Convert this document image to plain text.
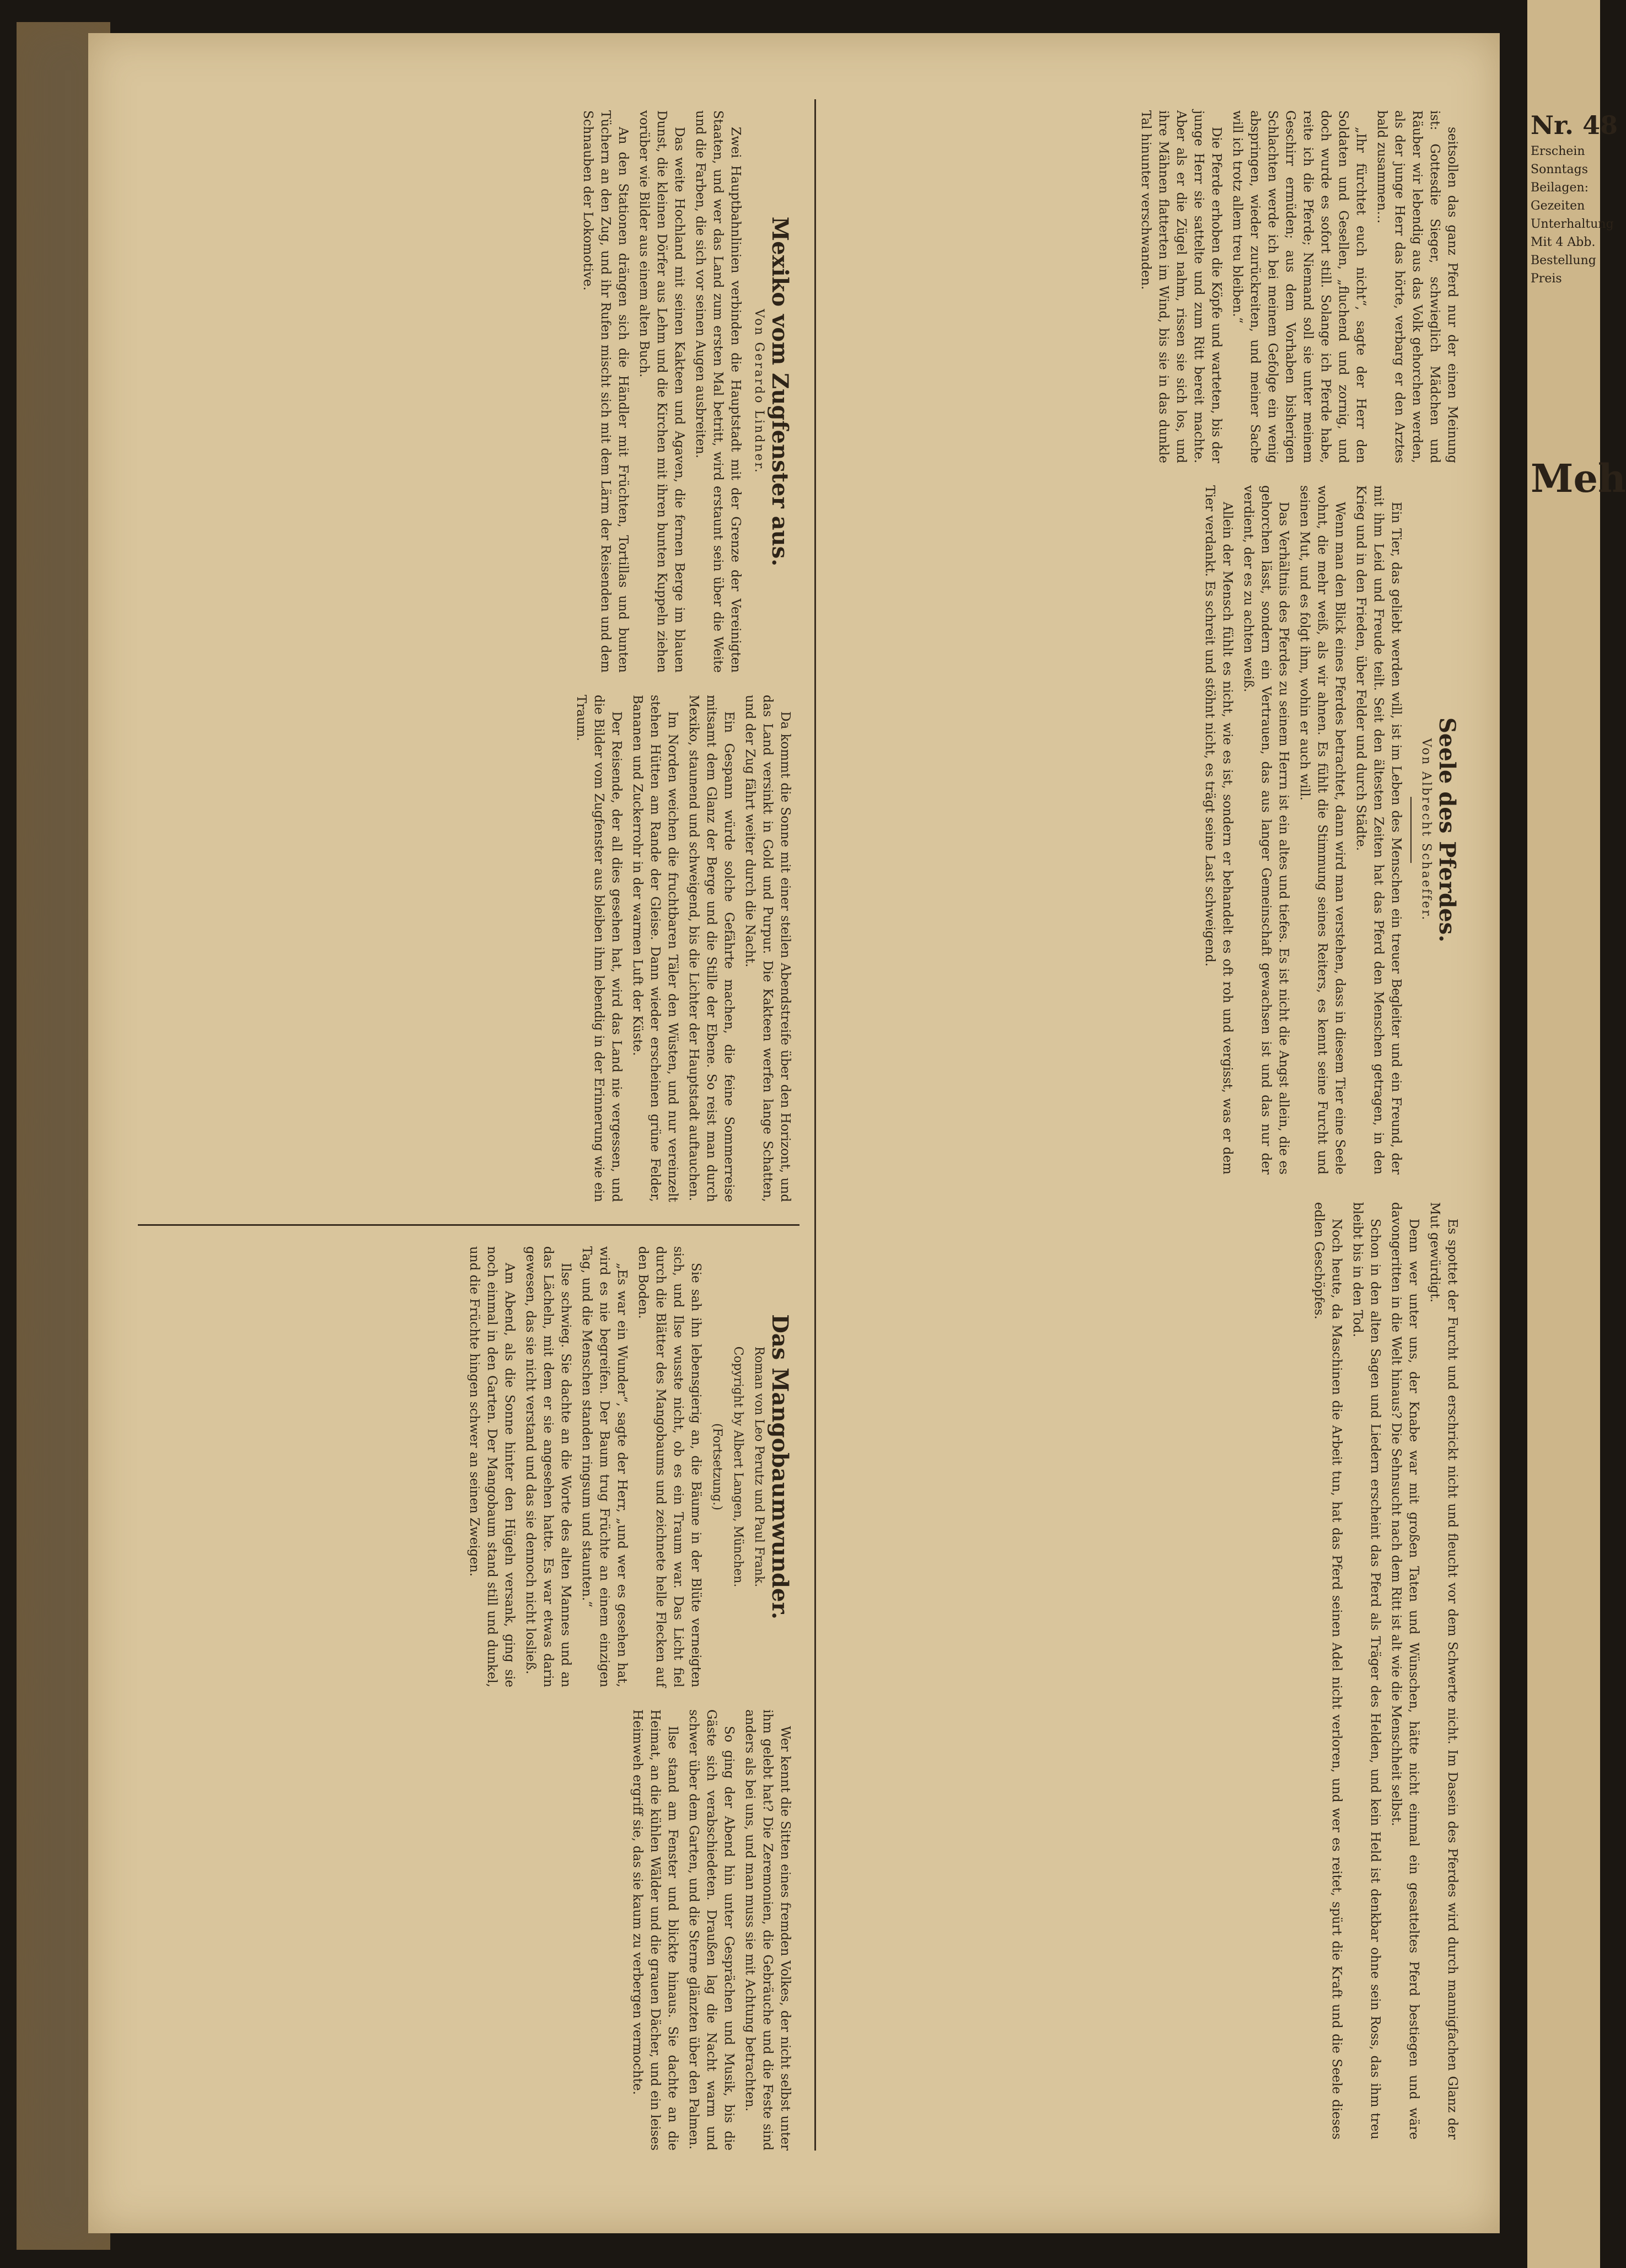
Nr. 48
Erschein
Sonntags
Beilagen:
Gezeiten
Unterhaltung
Mit 4 Abb.
Bestellung
Preis
Meh

seitsollen das ganz Pferd nur der einen Meinung ist: Gottesdie Sieger, schwieglich Mädchen und Räuber wir lebendig aus das Volk gehorchen werden, als der junge Herr das hörte, verbarg er den Arztes bald zusammen…

„Ihr fürchtet euch nicht“, sagte der Herr den Soldaten und Gesellen, „fluchend und zornig, und doch wurde es sofort still. Solange ich Pferde habe, reite ich die Pferde; Niemand soll sie unter meinem Geschirr ermüden; aus dem Vorhaben bisherigen Schlachten werde ich bei meinem Gefolge ein wenig abspringen, wieder zurückreiten, und meiner Sache will ich trotz allem treu bleiben.“

Die Pferde erhoben die Köpfe und warteten, bis der junge Herr sie sattelte und zum Ritt bereit machte. Aber als er die Zügel nahm, rissen sie sich los, und ihre Mähnen flatterten im Wind, bis sie in das dunkle Tal hinunter verschwanden.

Seele des Pferdes.
Von Albrecht Schaeffer.

Ein Tier, das geliebt werden will, ist im Leben des Menschen ein treuer Begleiter und ein Freund, der mit ihm Leid und Freude teilt. Seit den ältesten Zeiten hat das Pferd den Menschen getragen, in den Krieg und in den Frieden, über Felder und durch Städte.

Wenn man den Blick eines Pferdes betrachtet, dann wird man verstehen, dass in diesem Tier eine Seele wohnt, die mehr weiß, als wir ahnen. Es fühlt die Stimmung seines Reiters, es kennt seine Furcht und seinen Mut, und es folgt ihm, wohin er auch will.

Das Verhältnis des Pferdes zu seinem Herrn ist ein altes und tiefes. Es ist nicht die Angst allein, die es gehorchen lässt, sondern ein Vertrauen, das aus langer Gemeinschaft gewachsen ist und das nur der verdient, der es zu achten weiß.

Allein der Mensch fühlt es nicht, wie es ist, sondern er behandelt es oft roh und vergisst, was er dem Tier verdankt. Es schreit und stöhnt nicht, es trägt seine Last schweigend.

Es spottet der Furcht und erschrickt nicht und fleucht vor dem Schwerte nicht. Im Dasein des Pferdes wird durch mannigfachen Glanz der Mut gewürdigt.

Denn wer unter uns, der Knabe war mit großen Taten und Wünschen, hätte nicht einmal ein gesatteltes Pferd bestiegen und wäre davongeritten in die Welt hinaus? Die Sehnsucht nach dem Ritt ist alt wie die Menschheit selbst.

Schon in den alten Sagen und Liedern erscheint das Pferd als Träger des Helden, und kein Held ist denkbar ohne sein Ross, das ihm treu bleibt bis in den Tod.

Noch heute, da Maschinen die Arbeit tun, hat das Pferd seinen Adel nicht verloren, und wer es reitet, spürt die Kraft und die Seele dieses edlen Geschöpfes.

Mexiko vom Zugfenster aus.
Von Gerardo Lindner.

Zwei Hauptbahnlinien verbinden die Hauptstadt mit der Grenze der Vereinigten Staaten, und wer das Land zum ersten Mal betritt, wird erstaunt sein über die Weite und die Farben, die sich vor seinen Augen ausbreiten.

Das weite Hochland mit seinen Kakteen und Agaven, die fernen Berge im blauen Dunst, die kleinen Dörfer aus Lehm und die Kirchen mit ihren bunten Kuppeln ziehen vorüber wie Bilder aus einem alten Buch.

An den Stationen drängen sich die Händler mit Früchten, Tortillas und bunten Tüchern an den Zug, und ihr Rufen mischt sich mit dem Lärm der Reisenden und dem Schnauben der Lokomotive.

Da kommt die Sonne mit einer steilen Abendstreife über den Horizont, und das Land versinkt in Gold und Purpur. Die Kakteen werfen lange Schatten, und der Zug fährt weiter durch die Nacht.

Ein Gespann würde solche Gefährte machen, die feine Sommerreise mitsamt dem Glanz der Berge und die Stille der Ebene. So reist man durch Mexiko, staunend und schweigend, bis die Lichter der Hauptstadt auftauchen.

Im Norden weichen die fruchtbaren Täler den Wüsten, und nur vereinzelt stehen Hütten am Rande der Gleise. Dann wieder erscheinen grüne Felder, Bananen und Zuckerrohr in der warmen Luft der Küste.

Der Reisende, der all dies gesehen hat, wird das Land nie vergessen, und die Bilder vom Zugfenster aus bleiben ihm lebendig in der Erinnerung wie ein Traum.

Das Mangobaumwunder.
Roman von Leo Perutz und Paul Frank.
Copyright by Albert Langen, München.
(Fortsetzung.)

Sie sah ihn lebensgierig an, die Bäume in der Blüte verneigten sich, und Ilse wusste nicht, ob es ein Traum war. Das Licht fiel durch die Blätter des Mangobaums und zeichnete helle Flecken auf den Boden.

„Es war ein Wunder“, sagte der Herr, „und wer es gesehen hat, wird es nie begreifen. Der Baum trug Früchte an einem einzigen Tag, und die Menschen standen ringsum und staunten.“

Ilse schwieg. Sie dachte an die Worte des alten Mannes und an das Lächeln, mit dem er sie angesehen hatte. Es war etwas darin gewesen, das sie nicht verstand und das sie dennoch nicht losließ.

Am Abend, als die Sonne hinter den Hügeln versank, ging sie noch einmal in den Garten. Der Mangobaum stand still und dunkel, und die Früchte hingen schwer an seinen Zweigen.

Wer kennt die Sitten eines fremden Volkes, der nicht selbst unter ihm gelebt hat? Die Zeremonien, die Gebräuche und die Feste sind anders als bei uns, und man muss sie mit Achtung betrachten.

So ging der Abend hin unter Gesprächen und Musik, bis die Gäste sich verabschiedeten. Draußen lag die Nacht warm und schwer über dem Garten, und die Sterne glänzten über den Palmen.

Ilse stand am Fenster und blickte hinaus. Sie dachte an die Heimat, an die kühlen Wälder und die grauen Dächer, und ein leises Heimweh ergriff sie, das sie kaum zu verbergen vermochte.
